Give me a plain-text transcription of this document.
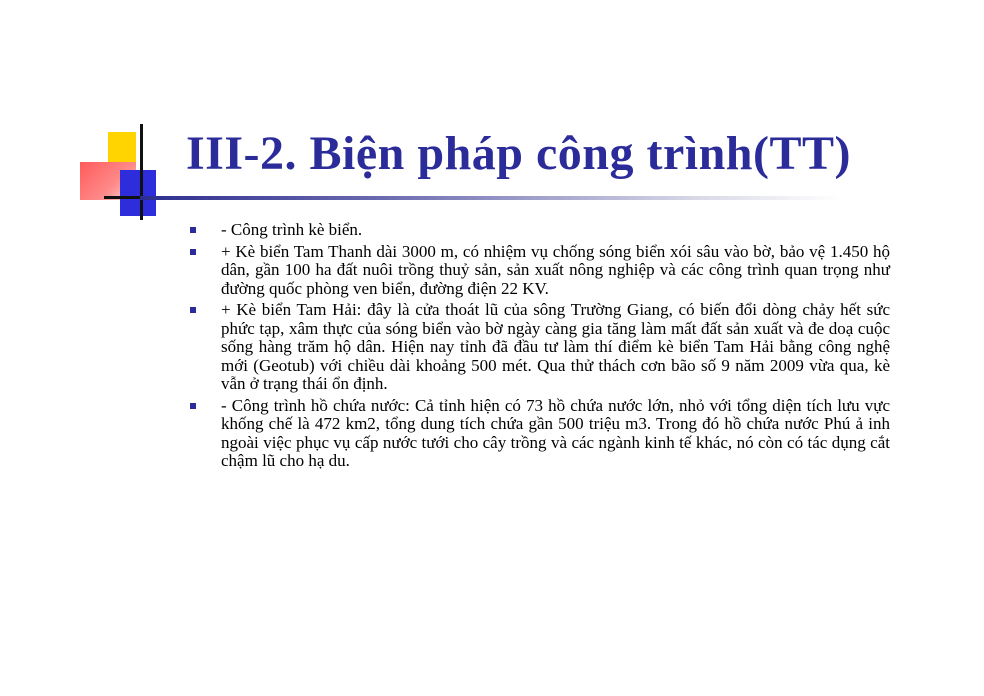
III-2. Biện pháp công trình(TT)
- Công trình kè biển.
+ Kè biển Tam Thanh dài 3000 m, có nhiệm vụ chống sóng biển xói sâu vào bờ, bảo vệ 1.450 hộ dân, gần 100 ha đất nuôi trồng thuỷ sản, sản xuất nông nghiệp và các công trình quan trọng như đường quốc phòng ven biển, đường điện 22 KV.
+ Kè biển Tam Hải: đây là cửa thoát lũ của sông Trường Giang, có biến đổi dòng chảy hết sức phức tạp, xâm thực của sóng biển vào bờ ngày càng gia tăng làm mất đất sản xuất và đe doạ cuộc sống hàng trăm hộ dân. Hiện nay tỉnh đã đầu tư làm thí điểm kè biển Tam Hải bằng công nghệ mới (Geotub) với chiều dài khoảng 500 mét. Qua thử thách cơn bão số 9 năm 2009 vừa qua, kè vẫn ở trạng thái ổn định.
- Công trình hồ chứa nước: Cả tỉnh hiện có 73 hồ chứa nước lớn, nhỏ với tổng diện tích lưu vực khống chế là 472 km2, tổng dung tích chứa gần 500 triệu m3. Trong đó hồ chứa nước Phú ả inh ngoài việc phục vụ cấp nước tưới cho cây trồng và các ngành kinh tế khác, nó còn có tác dụng cắt chậm lũ cho hạ du.
